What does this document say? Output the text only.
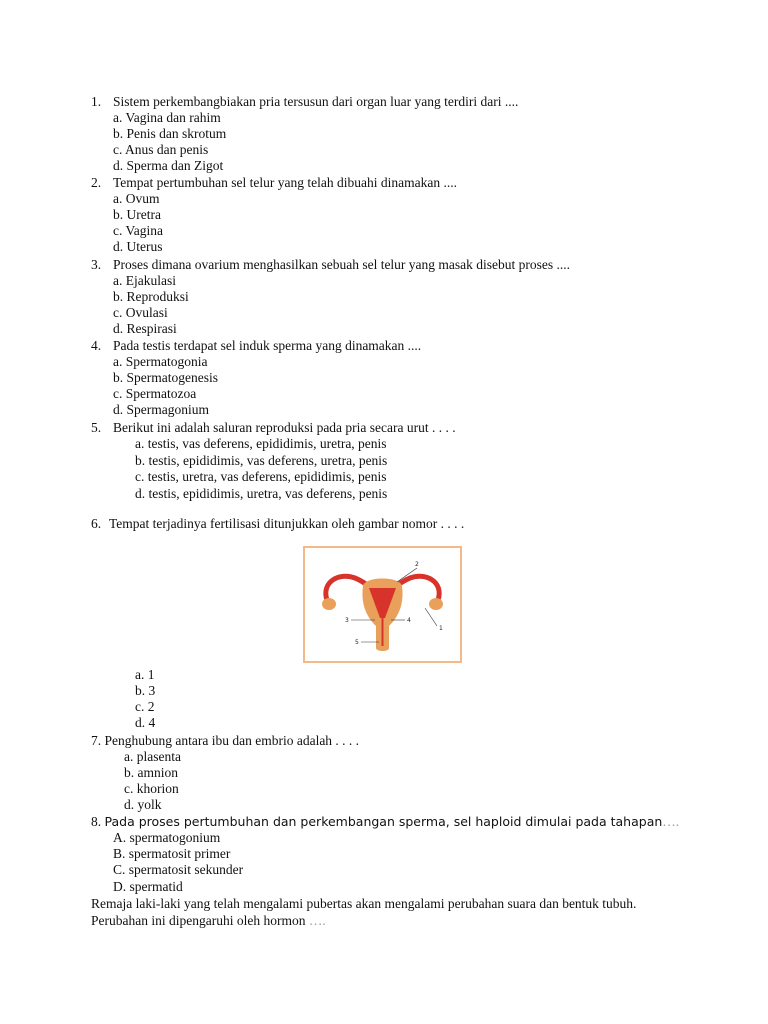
1. Sistem perkembangbiakan pria tersusun dari organ luar yang terdiri dari ....
a. Vagina dan rahim
b. Penis dan skrotum
c. Anus dan penis
d. Sperma dan Zigot
2. Tempat pertumbuhan sel telur yang telah dibuahi dinamakan ....
a. Ovum
b. Uretra
c. Vagina
d. Uterus
3. Proses dimana ovarium menghasilkan sebuah sel telur yang masak disebut proses ....
a. Ejakulasi
b. Reproduksi
c. Ovulasi
d. Respirasi
4. Pada testis terdapat sel induk sperma yang dinamakan ....
a. Spermatogonia
b. Spermatogenesis
c. Spermatozoa
d. Spermagonium
5. Berikut ini adalah saluran reproduksi pada pria secara urut . . . .
a. testis, vas deferens, epididimis, uretra, penis
b. testis, epididimis, vas deferens, uretra, penis
c. testis, uretra, vas deferens, epididimis, penis
d. testis, epididimis, uretra, vas deferens, penis
6. Tempat terjadinya fertilisasi ditunjukkan oleh gambar nomor . . . .
1
2
3	4
5
a. 1
b. 3
c. 2
d. 4
7. Penghubung antara ibu dan embrio adalah . . . .
a. plasenta
b. amnion
c. khorion
d. yolk
8. Pada proses pertumbuhan dan perkembangan sperma, sel haploid dimulai pada tahapan….
A. spermatogonium
B. spermatosit primer
C. spermatosit sekunder
D. spermatid
Remaja laki-laki yang telah mengalami pubertas akan mengalami perubahan suara dan bentuk tubuh.
Perubahan ini dipengaruhi oleh hormon ….
